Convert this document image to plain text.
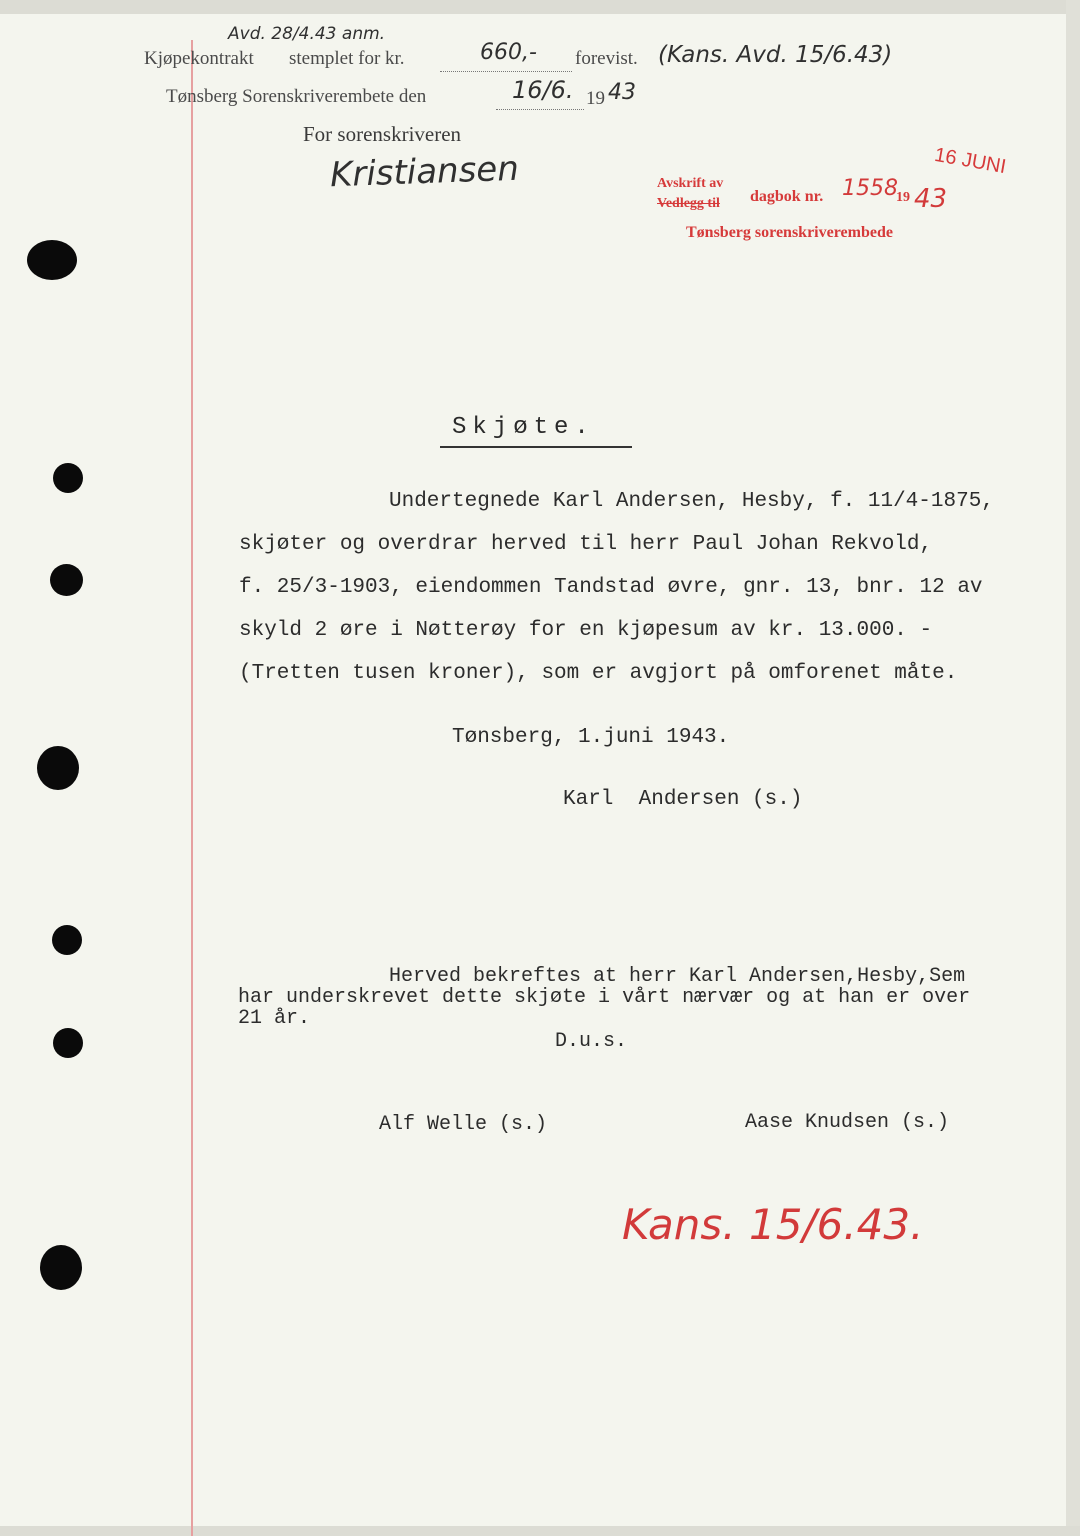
Avd. 28/4.43 anm.
Kjøpekontrakt stemplet for kr.	660,- forevist. (Kans. Avd. 15/6.43)
Tønsberg Sorenskriverembete den	16/6. 19 43
For sorenskriveren
Kristiansen	Avskrift av
Vedlegg til dagbok nr. 1558
19 43
Tønsberg sorenskriverembede
16 JUNI
Skjøte.
Undertegnede Karl Andersen, Hesby, f. 11/4-1875,
skjøter og overdrar herved til herr Paul Johan Rekvold,
f. 25/3-1903, eiendommen Tandstad øvre, gnr. 13, bnr. 12 av
skyld 2 øre i Nøtterøy for en kjøpesum av kr. 13.000. -
(Tretten tusen kroner), som er avgjort på omforenet måte.
Tønsberg, 1.juni 1943.
Karl  Andersen (s.)
Herved bekreftes at herr Karl Andersen,Hesby,Sem
har underskrevet dette skjøte i vårt nærvær og at han er over
21 år.
D.u.s.
Alf Welle (s.)	Aase Knudsen (s.)
Kans. 15/6.43.
